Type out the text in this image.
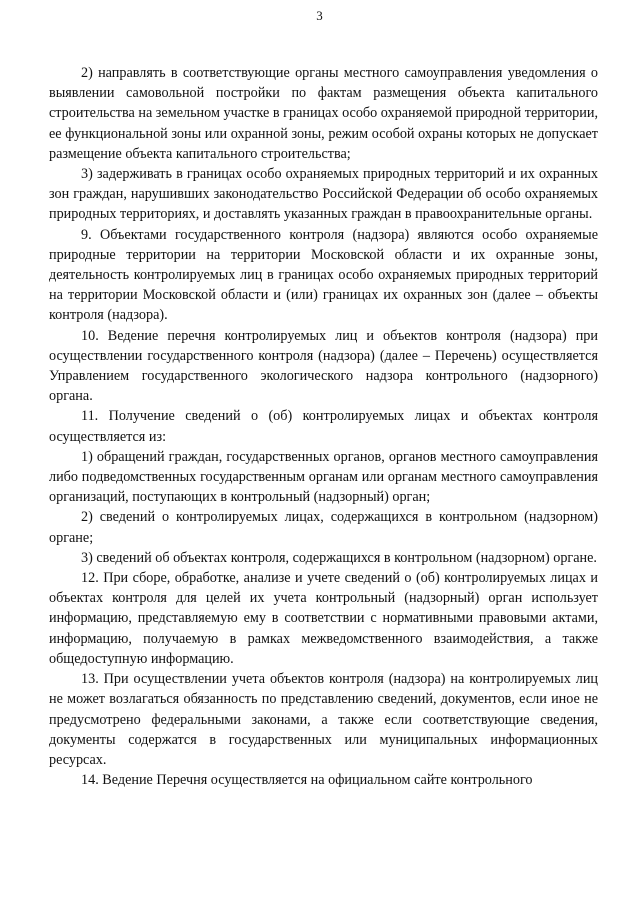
3

2) направлять в соответствующие органы местного самоуправления уведомления о выявлении самовольной постройки по фактам размещения объекта капитального строительства на земельном участке в границах особо охраняемой природной территории, ее функциональной зоны или охранной зоны, режим особой охраны которых не допускает размещение объекта капитального строительства;

3) задерживать в границах особо охраняемых природных территорий и их охранных зон граждан, нарушивших законодательство Российской Федерации об особо охраняемых природных территориях, и доставлять указанных граждан в правоохранительные органы.

9. Объектами государственного контроля (надзора) являются особо охраняемые природные территории на территории Московской области и их охранные зоны, деятельность контролируемых лиц в границах особо охраняемых природных территорий на территории Московской области и (или) границах их охранных зон (далее – объекты контроля (надзора).

10. Ведение перечня контролируемых лиц и объектов контроля (надзора) при осуществлении государственного контроля (надзора) (далее – Перечень) осуществляется Управлением государственного экологического надзора контрольного (надзорного) органа.

11. Получение сведений о (об) контролируемых лицах и объектах контроля осуществляется из:

1) обращений граждан, государственных органов, органов местного самоуправления либо подведомственных государственным органам или органам местного самоуправления организаций, поступающих в контрольный (надзорный) орган;

2) сведений о контролируемых лицах, содержащихся в контрольном (надзорном) органе;

3) сведений об объектах контроля, содержащихся в контрольном (надзорном) органе.

12. При сборе, обработке, анализе и учете сведений о (об) контролируемых лицах и объектах контроля для целей их учета контрольный (надзорный) орган использует информацию, представляемую ему в соответствии с нормативными правовыми актами, информацию, получаемую в рамках межведомственного взаимодействия, а также общедоступную информацию.

13. При осуществлении учета объектов контроля (надзора) на контролируемых лиц не может возлагаться обязанность по представлению сведений, документов, если иное не предусмотрено федеральными законами, а также если соответствующие сведения, документы содержатся в государственных или муниципальных информационных ресурсах.

14. Ведение Перечня осуществляется на официальном сайте контрольного
